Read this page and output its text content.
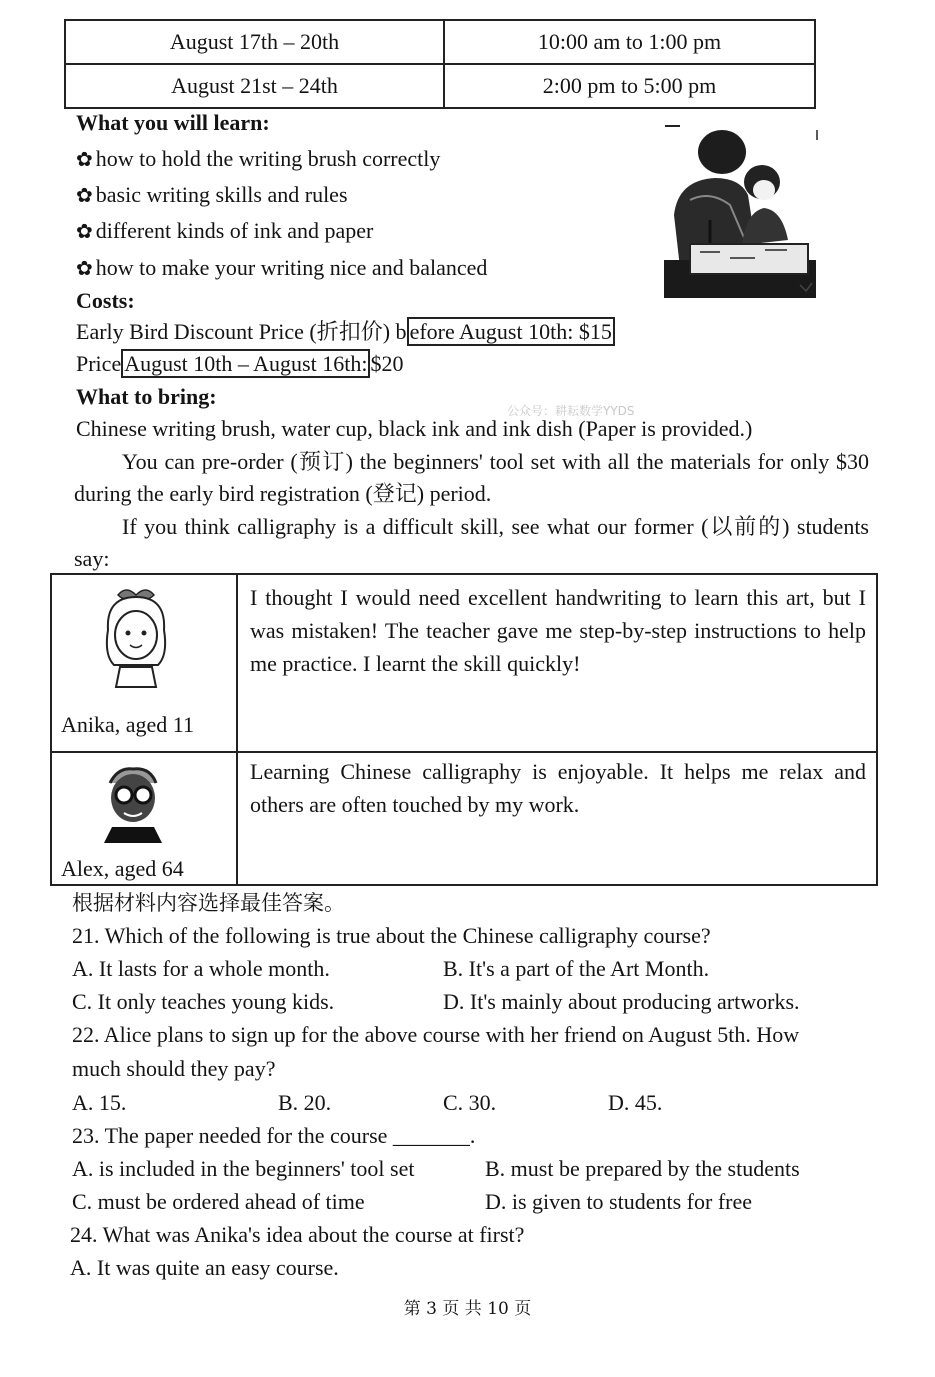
August 17th – 20th	10:00 am to 1:00 pm
August 21st – 24th	2:00 pm to 5:00 pm
What you will learn:
✿ how to hold the writing brush correctly
✿ basic writing skills and rules
✿ different kinds of ink and paper
✿ how to make your writing nice and balanced
Costs:
Early Bird Discount Price (折扣价) b efore August 10th: $15
Price August 10th – August 16th: $20
What to bring:
公众号：耕耘数学YYDS
Chinese writing brush, water cup, black ink and ink dish (Paper is provided.)
You can pre-order (预订) the beginners' tool set with all the materials for only $30 during the early bird registration (登记) period.
If you think calligraphy is a difficult skill, see what our former (以前的) students say:
Anika, aged 11	I thought I would need excellent handwriting to learn this art, but I was mistaken! The teacher gave me step-by-step instructions to help me practice. I learnt the skill quickly!

Alex, aged 64	Learning Chinese calligraphy is enjoyable. It helps me relax and others are often touched by my work.
根据材料内容选择最佳答案。
21. Which of the following is true about the Chinese calligraphy course?
A. It lasts for a whole month.	B. It's a part of the Art Month.
C. It only teaches young kids.	D. It's mainly about producing artworks.
22. Alice plans to sign up for the above course with her friend on August 5th. How
much should they pay?
A. 15.	B. 20.	C. 30.	D. 45.
23. The paper needed for the course _______.
A. is included in the beginners' tool set	B. must be prepared by the students
C. must be ordered ahead of time	D. is given to students for free
24. What was Anika's idea about the course at first?
A. It was quite an easy course.
第 3 页 共 10 页
